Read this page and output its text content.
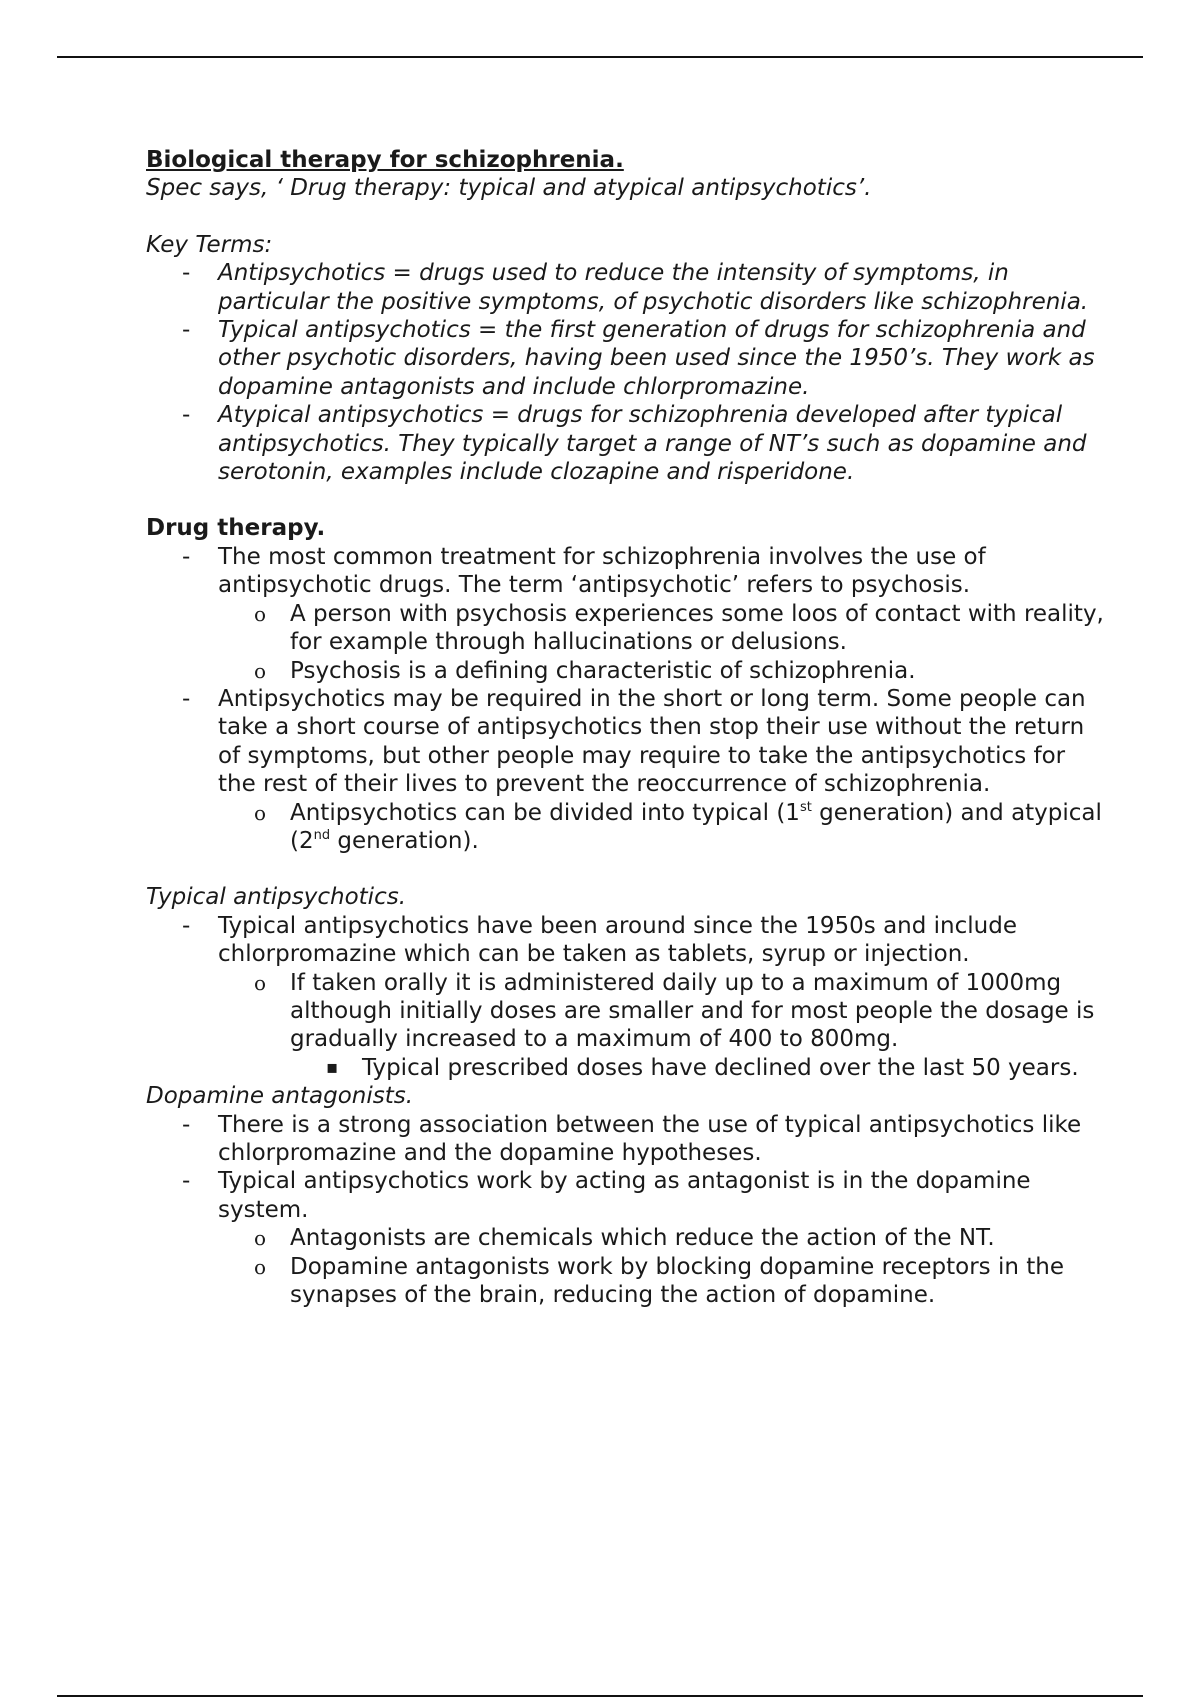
Biological therapy for schizophrenia.
Spec says, ‘ Drug therapy: typical and atypical antipsychotics’.
Key Terms:
- Antipsychotics = drugs used to reduce the intensity of symptoms, in particular the positive symptoms, of psychotic disorders like schizophrenia.
- Typical antipsychotics = the first generation of drugs for schizophrenia and other psychotic disorders, having been used since the 1950’s. They work as dopamine antagonists and include chlorpromazine.
- Atypical antipsychotics = drugs for schizophrenia developed after typical antipsychotics. They typically target a range of NT’s such as dopamine and serotonin, examples include clozapine and risperidone.
Drug therapy.
- The most common treatment for schizophrenia involves the use of antipsychotic drugs. The term ‘antipsychotic’ refers to psychosis.
o A person with psychosis experiences some loos of contact with reality, for example through hallucinations or delusions.
o Psychosis is a defining characteristic of schizophrenia.
- Antipsychotics may be required in the short or long term. Some people can take a short course of antipsychotics then stop their use without the return of symptoms, but other people may require to take the antipsychotics for the rest of their lives to prevent the reoccurrence of schizophrenia.
o Antipsychotics can be divided into typical (1st generation) and atypical (2nd generation).
Typical antipsychotics.
- Typical antipsychotics have been around since the 1950s and include chlorpromazine which can be taken as tablets, syrup or injection.
o If taken orally it is administered daily up to a maximum of 1000mg although initially doses are smaller and for most people the dosage is gradually increased to a maximum of 400 to 800mg.
▪ Typical prescribed doses have declined over the last 50 years.
Dopamine antagonists.
- There is a strong association between the use of typical antipsychotics like chlorpromazine and the dopamine hypotheses.
- Typical antipsychotics work by acting as antagonist is in the dopamine system.
o Antagonists are chemicals which reduce the action of the NT.
o Dopamine antagonists work by blocking dopamine receptors in the synapses of the brain, reducing the action of dopamine.
